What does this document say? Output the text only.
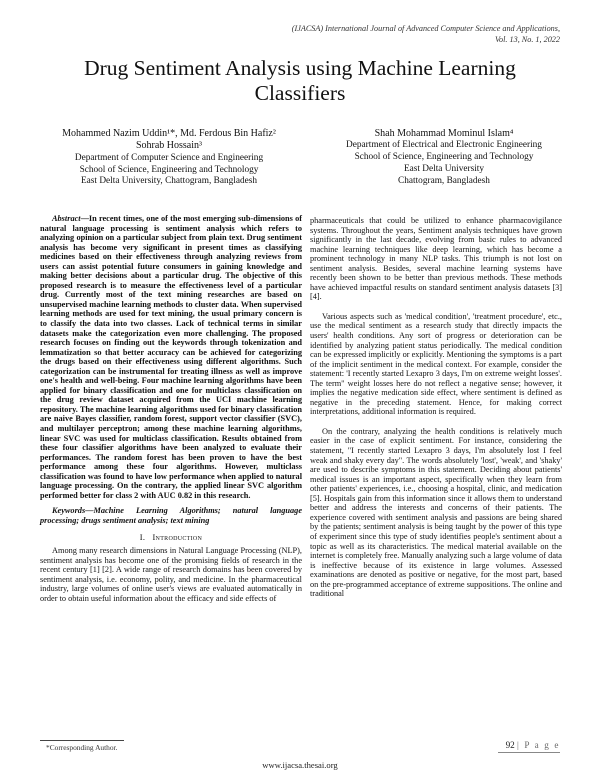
(IJACSA) International Journal of Advanced Computer Science and Applications,
Vol. 13, No. 1, 2022
Drug Sentiment Analysis using Machine Learning Classifiers
Mohammed Nazim Uddin¹*, Md. Ferdous Bin Hafiz²
Sohrab Hossain³
Department of Computer Science and Engineering
School of Science, Engineering and Technology
East Delta University, Chattogram, Bangladesh
Shah Mohammad Mominul Islam⁴
Department of Electrical and Electronic Engineering
School of Science, Engineering and Technology
East Delta University
Chattogram, Bangladesh

Abstract—In recent times, one of the most emerging sub-dimensions of natural language processing is sentiment analysis which refers to analyzing opinion on a particular subject from plain text. Drug sentiment analysis has become very significant in present times as classifying medicines based on their effectiveness through analyzing reviews from users can assist potential future consumers in gaining knowledge and making better decisions about a particular drug. The objective of this proposed research is to measure the effectiveness level of a particular drug. Currently most of the text mining researches are based on unsupervised machine learning methods to cluster data. When supervised learning methods are used for text mining, the usual primary concern is to classify the data into two classes. Lack of technical terms in similar datasets make the categorization even more challenging. The proposed research focuses on finding out the keywords through tokenization and lemmatization so that better accuracy can be achieved for categorizing the drugs based on their effectiveness using different algorithms. Such categorization can be instrumental for treating illness as well as improve one's health and well-being. Four machine learning algorithms have been applied for binary classification and one for multiclass classification on the drug review dataset acquired from the UCI machine learning repository. The machine learning algorithms used for binary classification are naive Bayes classifier, random forest, support vector classifier (SVC), and multilayer perceptron; among these machine learning algorithms, linear SVC was used for multiclass classification. Results obtained from these four classifier algorithms have been analyzed to evaluate their performances. The random forest has been proven to have the best performance among these four algorithms. However, multiclass classification was found to have low performance when applied to natural language processing. On the contrary, the applied linear SVC algorithm performed better for class 2 with AUC 0.82 in this research.

Keywords—Machine Learning Algorithms; natural language processing; drugs sentiment analysis; text mining

I. Introduction

Among many research dimensions in Natural Language Processing (NLP), sentiment analysis has become one of the promising fields of research in the recent century [1] [2]. A wide range of research domains has been covered by sentiment analysis, i.e. economy, polity, and medicine. In the pharmaceutical industry, large volumes of online user's views are evaluated automatically in order to obtain useful information about the efficacy and side effects of

pharmaceuticals that could be utilized to enhance pharmacovigilance systems. Throughout the years, Sentiment analysis techniques have grown significantly in the last decade, evolving from basic rules to advanced machine learning techniques like deep learning, which has become a prominent technology in many NLP tasks. This triumph is not lost on sentiment analysis. Besides, several machine learning systems have recently been shown to be better than previous methods. These methods have achieved impactful results on standard sentiment analysis datasets [3] [4].

Various aspects such as 'medical condition', 'treatment procedure', etc., use the medical sentiment as a research study that directly impacts the users' health conditions. Any sort of progress or deterioration can be identified by analyzing patient status periodically. The medical condition can be expressed implicitly or explicitly. Mentioning the symptoms is a part of the implicit sentiment in the medical context. For example, consider the statement: 'I recently started Lexapro 3 days, I'm on extreme weight losses'. The term" weight losses here do not reflect a negative sense; however, it implies the negative medication side effect, where sentiment is defined as negative in the preceding statement. Hence, for making correct interpretations, additional information is required.

On the contrary, analyzing the health conditions is relatively much easier in the case of explicit sentiment. For instance, considering the statement, "I recently started Lexapro 3 days, I'm absolutely lost I feel weak and shaky every day". The words absolutely 'lost', 'weak', and 'shaky' are used to describe symptoms in this statement. Deciding about patients' medical issues is an important aspect, specifically when they learn from other patients' experiences, i.e., choosing a hospital, clinic, and medication [5]. Hospitals gain from this information since it allows them to understand better and address the interests and concerns of their patients. The experience covered with sentiment analysis and passions are being shared by the patients; sentiment analysis is being taught by the power of this type of experiment since this type of study identifies people's sentiment about a topic as well as its characteristics. The medical material available on the internet is completely free. Manually analyzing such a large volume of data is ineffective because of its existence in large volumes. Assessed examinations are denoted as positive or negative, for the most part, based on the pre-programmed acceptance of extreme suppositions. The online and traditional

*Corresponding Author.	92 | P a g e
www.ijacsa.thesai.org
